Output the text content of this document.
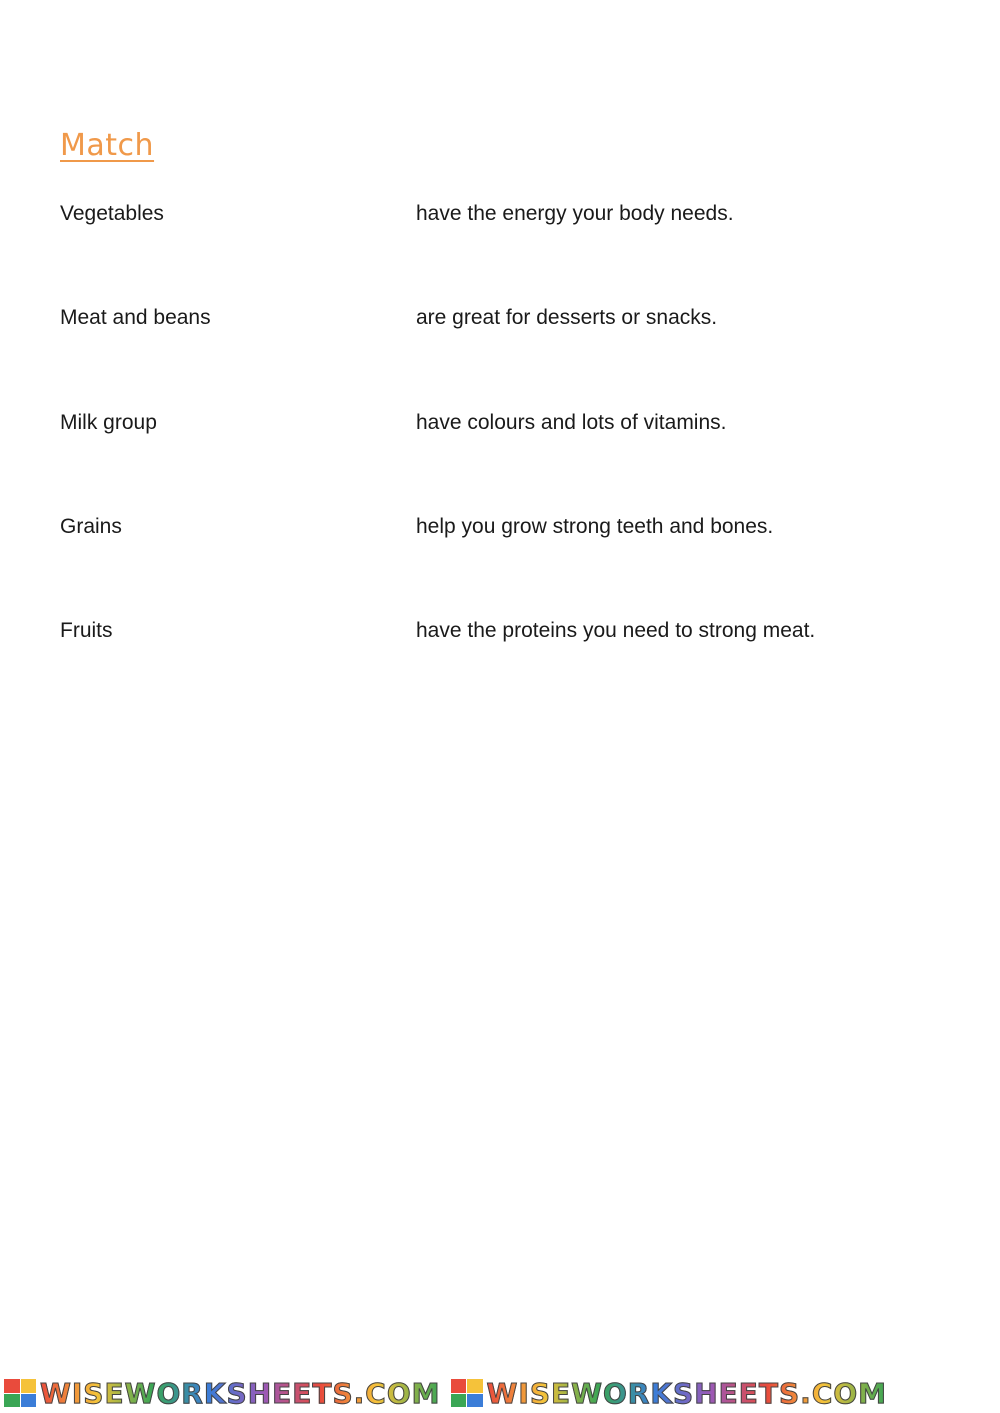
Match
Vegetables	have the energy your body needs.
Meat and beans	are great for desserts or snacks.
Milk group	have colours and lots of vitamins.
Grains	help you grow strong teeth and bones.
Fruits	have the proteins you need to strong meat.
WISEWORKSHEETS.COM WISEWORKSHEETS.COM
